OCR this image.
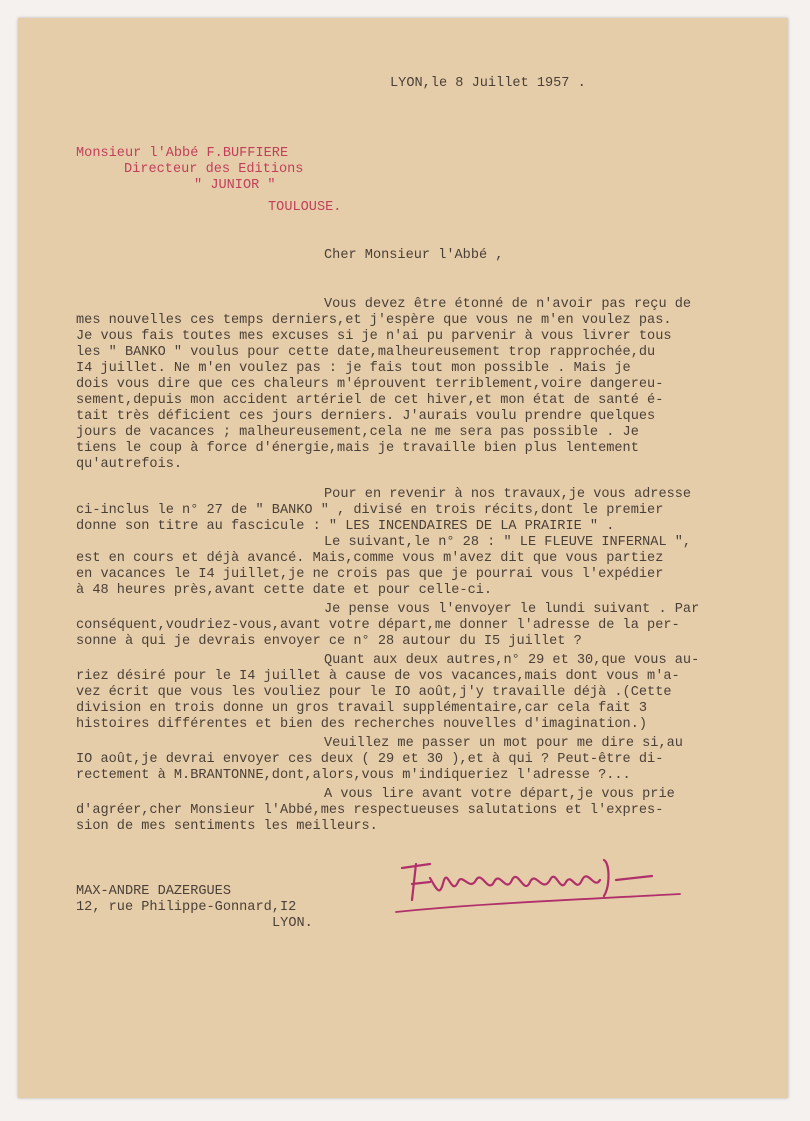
LYON,le 8 Juillet 1957 .
Monsieur l'Abbé F.BUFFIERE
Directeur des Editions
" JUNIOR "
TOULOUSE.
Cher Monsieur l'Abbé ,
Vous devez être étonné de n'avoir pas reçu de
mes nouvelles ces temps derniers,et j'espère que vous ne m'en voulez pas.
Je vous fais toutes mes excuses si je n'ai pu parvenir à vous livrer tous
les " BANKO " voulus pour cette date,malheureusement trop rapprochée,du
I4 juillet. Ne m'en voulez pas : je fais tout mon possible . Mais je
dois vous dire que ces chaleurs m'éprouvent terriblement,voire dangereu-
sement,depuis mon accident artériel de cet hiver,et mon état de santé é-
tait très déficient ces jours derniers. J'aurais voulu prendre quelques
jours de vacances ; malheureusement,cela ne me sera pas possible . Je
tiens le coup à force d'énergie,mais je travaille bien plus lentement
qu'autrefois.
Pour en revenir à nos travaux,je vous adresse
ci-inclus le n° 27 de " BANKO " , divisé en trois récits,dont le premier
donne son titre au fascicule : " LES INCENDAIRES DE LA PRAIRIE " .
Le suivant,le n° 28 : " LE FLEUVE INFERNAL ",
est en cours et déjà avancé. Mais,comme vous m'avez dit que vous partiez
en vacances le I4 juillet,je ne crois pas que je pourrai vous l'expédier
à 48 heures près,avant cette date et pour celle-ci.
Je pense vous l'envoyer le lundi suivant . Par
conséquent,voudriez-vous,avant votre départ,me donner l'adresse de la per-
sonne à qui je devrais envoyer ce n° 28 autour du I5 juillet ?
Quant aux deux autres,n° 29 et 30,que vous au-
riez désiré pour le I4 juillet à cause de vos vacances,mais dont vous m'a-
vez écrit que vous les vouliez pour le IO août,j'y travaille déjà .(Cette
division en trois donne un gros travail supplémentaire,car cela fait 3
histoires différentes et bien des recherches nouvelles d'imagination.)
Veuillez me passer un mot pour me dire si,au
IO août,je devrai envoyer ces deux ( 29 et 30 ),et à qui ? Peut-être di-
rectement à M.BRANTONNE,dont,alors,vous m'indiqueriez l'adresse ?...
A vous lire avant votre départ,je vous prie
d'agréer,cher Monsieur l'Abbé,mes respectueuses salutations et l'expres-
sion de mes sentiments les meilleurs.
MAX-ANDRE DAZERGUES
12, rue Philippe-Gonnard,I2
LYON.
